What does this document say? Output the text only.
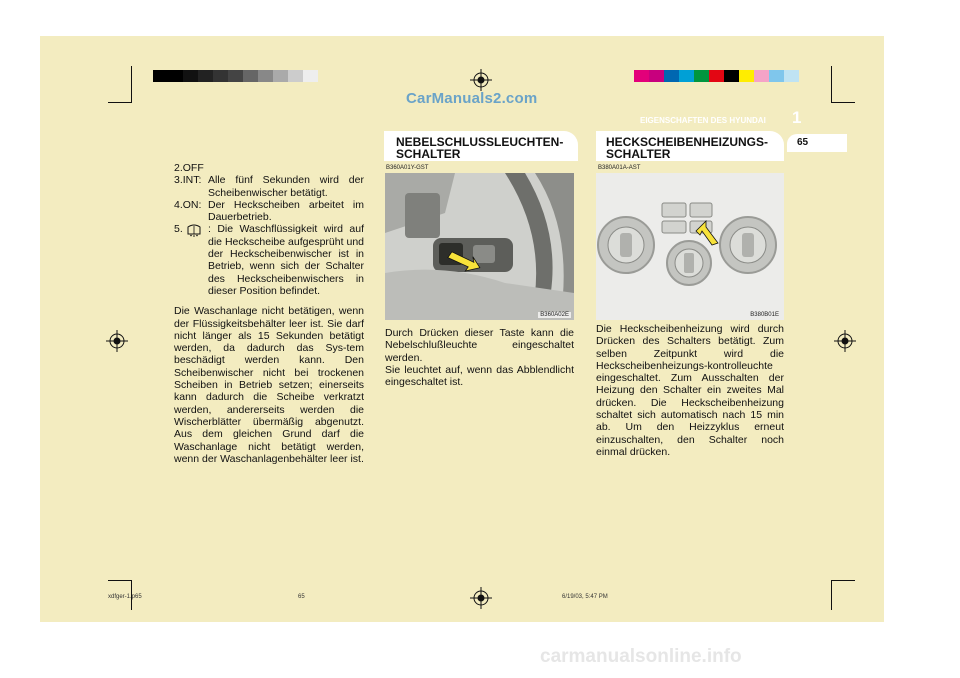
CarManuals2.com
EIGENSCHAFTEN DES HYUNDAI 1
65
2. OFF
3.INT: Alle fünf Sekunden wird der Scheibenwischer betätigt.
4.ON: Der Heckscheiben arbeitet im Dauerbetrieb.
5. : Die Waschflüssigkeit wird auf die Heckscheibe aufgesprüht und der Heckscheibenwischer ist in Betrieb, wenn sich der Schalter des Heckscheibenwischers in dieser Position befindet.
Die Waschanlage nicht betätigen, wenn der Flüssigkeitsbehälter leer ist. Sie darf nicht länger als 15 Sekunden betätigt werden, da dadurch das Sys-tem beschädigt werden kann. Den Scheibenwischer nicht bei trockenen Scheiben in Betrieb setzen; einerseits kann dadurch die Scheibe verkratzt werden, andererseits werden die Wischerblätter übermäßig abgenutzt. Aus dem gleichen Grund darf die Waschanlage nicht betätigt werden, wenn der Waschanlagenbehälter leer ist.
NEBELSCHLUSSLEUCHTEN-
SCHALTER
B360A01Y-GST
B360A02E
Durch Drücken dieser Taste kann die Nebelschlußleuchte eingeschaltet werden.
Sie leuchtet auf, wenn das Abblendlicht eingeschaltet ist.
HECKSCHEIBENHEIZUNGS-
SCHALTER
B380A01A-AST
B380B01E
Die Heckscheibenheizung wird durch Drücken des Schalters betätigt. Zum selben Zeitpunkt wird die Heckscheibenheizungs-kontrolleuchte eingeschaltet. Zum Ausschalten der Heizung den Schalter ein zweites Mal drücken. Die Heckscheibenheizung schaltet sich automatisch nach 15 min ab. Um den Heizzyklus erneut einzuschalten, den Schalter noch einmal drücken.
xdfger-1.p65	65	6/19/03, 5:47 PM
carmanualsonline.info
